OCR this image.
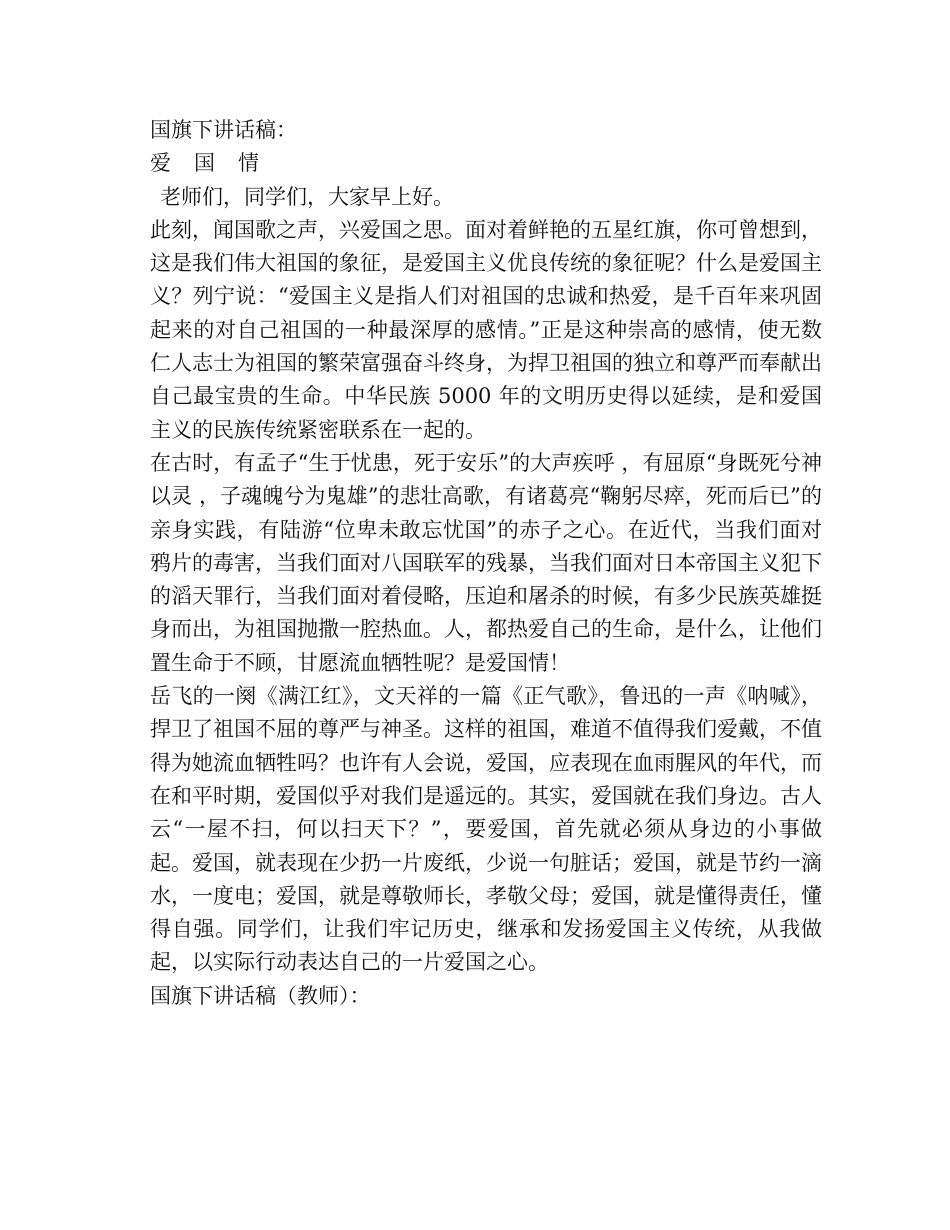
国旗下讲话稿：

爱　国　情

老师们，同学们，大家早上好。

此刻，闻国歌之声，兴爱国之思。面对着鲜艳的五星红旗，你可曾想到，这是我们伟大祖国的象征，是爱国主义优良传统的象征呢？什么是爱国主义？列宁说：“爱国主义是指人们对祖国的忠诚和热爱，是千百年来巩固起来的对自己祖国的一种最深厚的感情。”正是这种崇高的感情，使无数仁人志士为祖国的繁荣富强奋斗终身，为捍卫祖国的独立和尊严而奉献出自己最宝贵的生命。中华民族 5000 年的文明历史得以延续，是和爱国主义的民族传统紧密联系在一起的。

在古时，有孟子“生于忧患，死于安乐”的大声疾呼 ，有屈原“身既死兮神以灵 ，子魂魄兮为鬼雄”的悲壮高歌，有诸葛亮“鞠躬尽瘁，死而后已”的亲身实践，有陆游“位卑未敢忘忧国”的赤子之心。在近代，当我们面对鸦片的毒害，当我们面对八国联军的残暴，当我们面对日本帝国主义犯下的滔天罪行，当我们面对着侵略，压迫和屠杀的时候，有多少民族英雄挺身而出，为祖国抛撒一腔热血。人，都热爱自己的生命，是什么，让他们置生命于不顾，甘愿流血牺牲呢？是爱国情！

岳飞的一阕《满江红》，文天祥的一篇《正气歌》，鲁迅的一声《呐喊》，捍卫了祖国不屈的尊严与神圣。这样的祖国，难道不值得我们爱戴，不值得为她流血牺牲吗？也许有人会说，爱国，应表现在血雨腥风的年代，而在和平时期，爱国似乎对我们是遥远的。其实，爱国就在我们身边。古人云“一屋不扫，何以扫天下？”，要爱国，首先就必须从身边的小事做起。爱国，就表现在少扔一片废纸，少说一句脏话；爱国，就是节约一滴水，一度电；爱国，就是尊敬师长，孝敬父母；爱国，就是懂得责任，懂得自强。同学们，让我们牢记历史，继承和发扬爱国主义传统，从我做起，以实际行动表达自己的一片爱国之心。

国旗下讲话稿（教师）：
